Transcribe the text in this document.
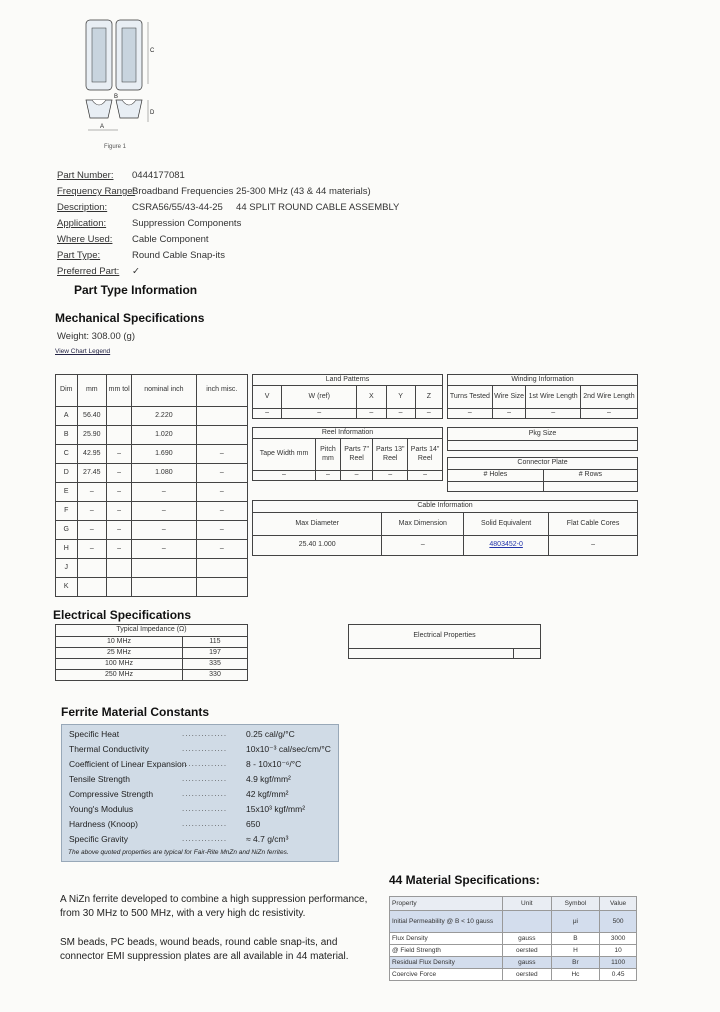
C
D
B
A
Figure 1
Part Number: 0444177081
Frequency Range:
Broadband Frequencies 25-300 MHz (43 & 44 materials)
Description:	CSRA56/55/43-44-25     44 SPLIT ROUND CABLE ASSEMBLY
Application:	Suppression Components
Where Used: Cable Component
Part Type:	Round Cable Snap-its
Preferred Part: ✓
Part Type Information
Mechanical Specifications
Weight: 308.00 (g)
View Chart Legend
Dim	mm	mm tol	nominal inch	inch misc.
A	56.40		2.220	
B	25.90		1.020	
C	42.95	–	1.690	–
D	27.45	–	1.080	–
E	–	–	–	–
F	–	–	–	–
G	–	–	–	–
H	–	–	–	–
J				
K				
Land Patterns				
V	W (ref)	X	Y	Z
–	–	–	–	–
Winding Information			
Turns Tested	Wire Size	1st Wire Length	2nd Wire Length
–	–	–	–
Reel Information				
Tape Width mm	Pitch mm	Parts 7" Reel	Parts 13" Reel	Parts 14" Reel
–	–	–	–	–
Pkg Size

Connector Plate	
# Holes	# Rows

Cable Information			
Max Diameter	Max Dimension	Solid Equivalent	Flat Cable Cores
25.40 1.000	–	4803452-0	–
Electrical Specifications
Typical Impedance (Ω)	
10 MHz	115
25 MHz	197
100 MHz	335
250 MHz	330
Electrical Properties

Ferrite Material Constants
Specific Heat	.............. 0.25 cal/g/°C
Thermal Conductivity	.............. 10x10⁻³ cal/sec/cm/°C
Coefficient of Linear Expansion
.............. 8 - 10x10⁻⁶/°C
Tensile Strength	.............. 4.9 kgf/mm²
Compressive Strength	.............. 42 kgf/mm²
Young's Modulus	.............. 15x10³ kgf/mm²
Hardness (Knoop)	.............. 650
Specific Gravity	.............. ≈ 4.7 g/cm³
The above quoted properties are typical for Fair-Rite MnZn and NiZn ferrites.
A NiZn ferrite developed to combine a high suppression performance, from 30 MHz to 500 MHz, with a very high dc resistivity.
SM beads, PC beads, wound beads, round cable snap-its, and connector EMI suppression plates are all available in 44 material.
44 Material Specifications:
Property	Unit	Symbol	Value
Initial Permeability @ B < 10 gauss		μi	500
Flux Density	gauss	B	3000
@ Field Strength	oersted	H	10
Residual Flux Density	gauss	Br	1100
Coercive Force	oersted	Hc	0.45
